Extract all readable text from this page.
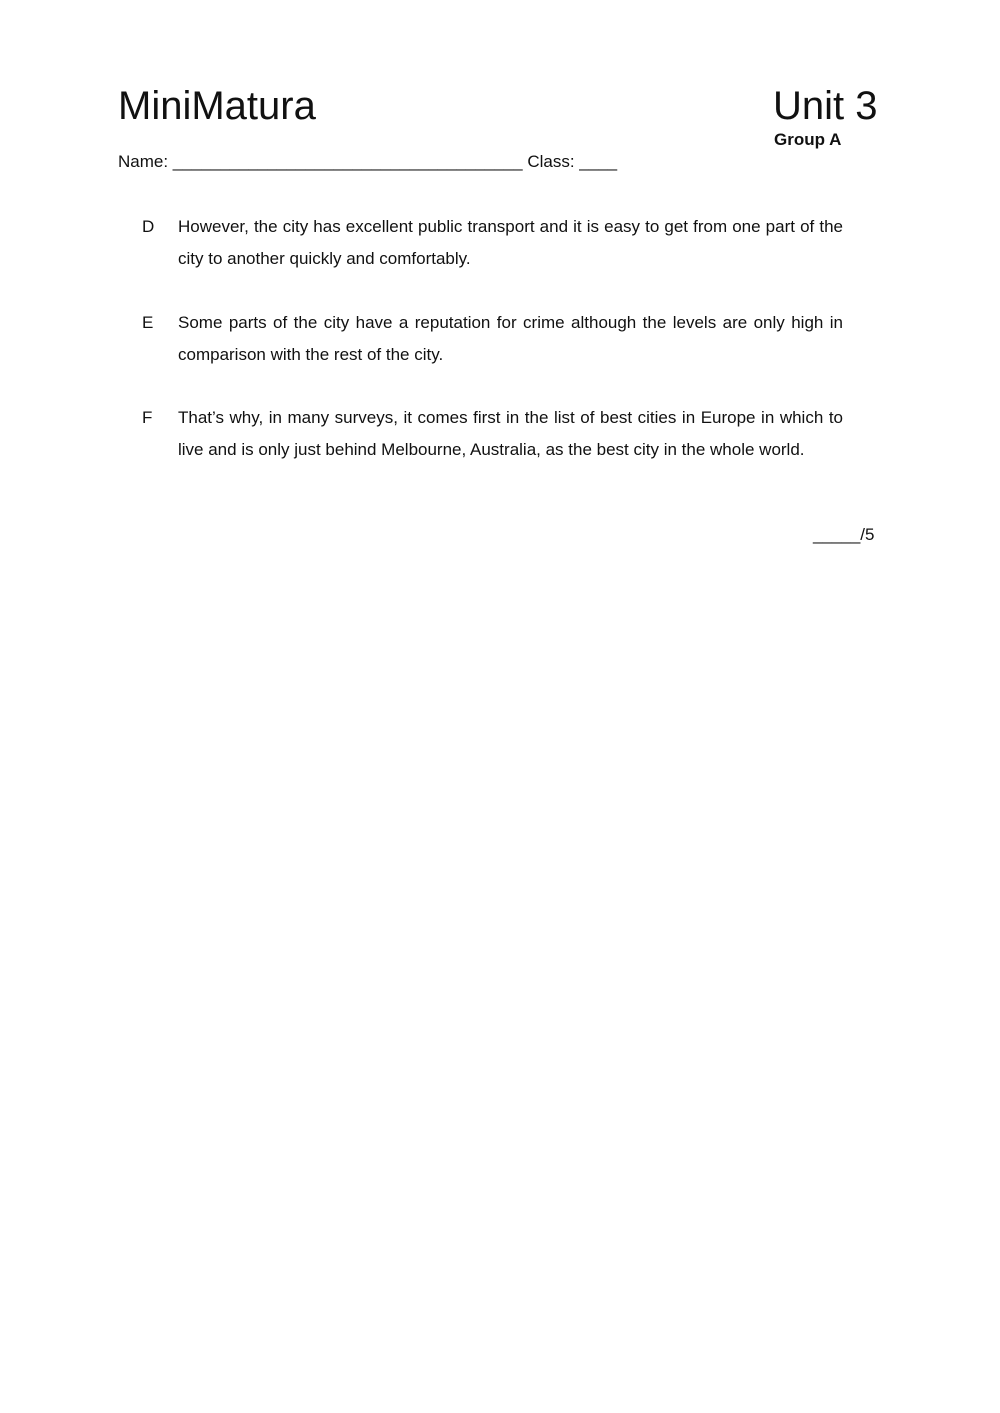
MiniMatura	Unit 3
Group A
Name: _____________________________________ Class: ____
D However, the city has excellent public transport and it is easy to get from one part of the city to another quickly and comfortably.
E Some parts of the city have a reputation for crime although the levels are only high in comparison with the rest of the city.
F That’s why, in many surveys, it comes first in the list of best cities in Europe in which to live and is only just behind Melbourne, Australia, as the best city in the whole world.
_____/5
